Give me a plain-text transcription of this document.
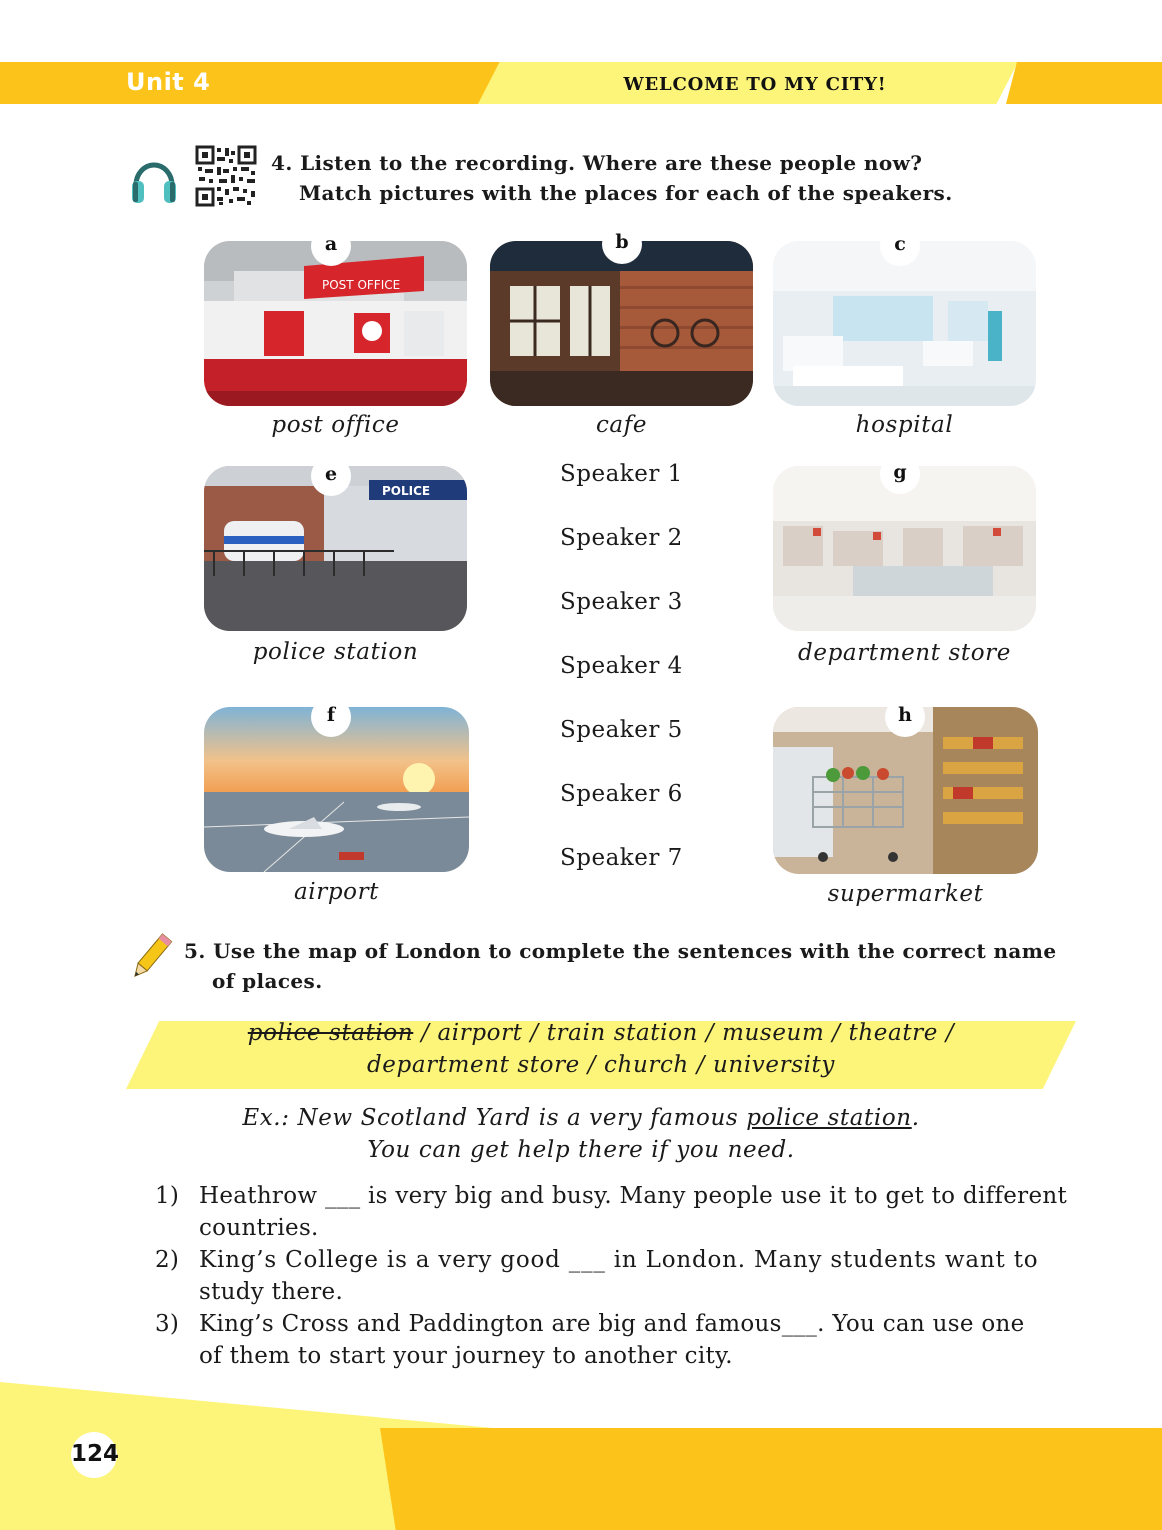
Unit 4	WELCOME TO MY CITY!
4. Listen to the recording. Where are these people now?
Match pictures with the places for each of the speakers.
POST OFFICE
a
post office
b
cafe
c
hospital
POLICE
e
police station
g
department store
f
airport
h
supermarket
Speaker 1
Speaker 2
Speaker 3
Speaker 4
Speaker 5
Speaker 6
Speaker 7
5. Use the map of London to complete the sentences with the correct name
of places.
police station / airport / train station / museum / theatre /
department store / church / university
Ex.: New Scotland Yard is a very famous police station.
You can get help there if you need.
1) Heathrow ___ is very big and busy. Many people use it to get to different
countries.
2) King’s College is a very good ___ in London. Many students want to
study there.
3) King’s Cross and Paddington are big and famous___. You can use one
of them to start your journey to another city.
124
